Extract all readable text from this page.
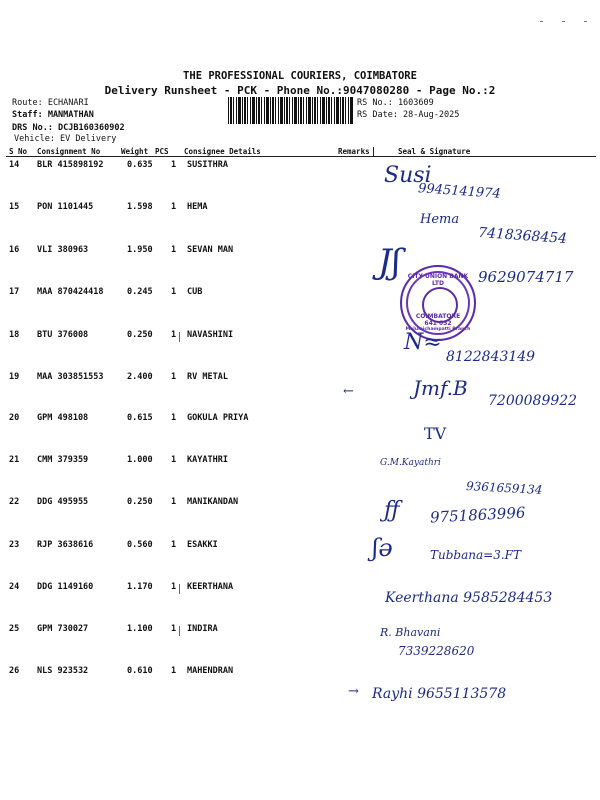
THE PROFESSIONAL COURIERS, COIMBATORE
Delivery Runsheet - PCK - Phone No.:9047080280 - Page No.:2
Route: ECHANARI
Staff: MANMATHAN
DRS No.: DCJB160360902
Vehicle: EV Delivery
RS No.: 1603609
RS Date: 28-Aug-2025
S No Consignment No	Weight PCS Consignee Details	Remarks	Seal & Signature
14 BLR 415898192	0.635 1 SUSITHRA
15 PON 1101445	1.598 1 HEMA
16 VLI 380963	1.950 1 SEVAN MAN
17 MAA 870424418	0.245 1 CUB
18 BTU 376008	0.250 1 NAVASHINI
19 MAA 303851553	2.400 1 RV METAL
20 GPM 498108	0.615 1 GOKULA PRIYA
21 CMM 379359	1.000 1 KAYATHRI
22 DDG 495955	0.250 1 MANIKANDAN
23 RJP 3638616	0.560 1 ESAKKI
24 DDG 1149160	1.170 1 KEERTHANA
25 GPM 730027	1.100 1 INDIRA
26 NLS 923532	0.610 1 MAHENDRAN
Susi
9945141974
Hema
7418368454
Jʃ	9629074717
CITY UNION BANK LTD
COIMBATORE
641 032
Malumichampatti Branch
N≈
8122843149
←	Jmf.B
7200089922
TV
G.M.Kayathri
9361659134
ƒƒ 9751863996
ʃə	Tubbana=3.FT
Keerthana 9585284453
R. Bhavani
7339228620
→ Rayhi 9655113578
